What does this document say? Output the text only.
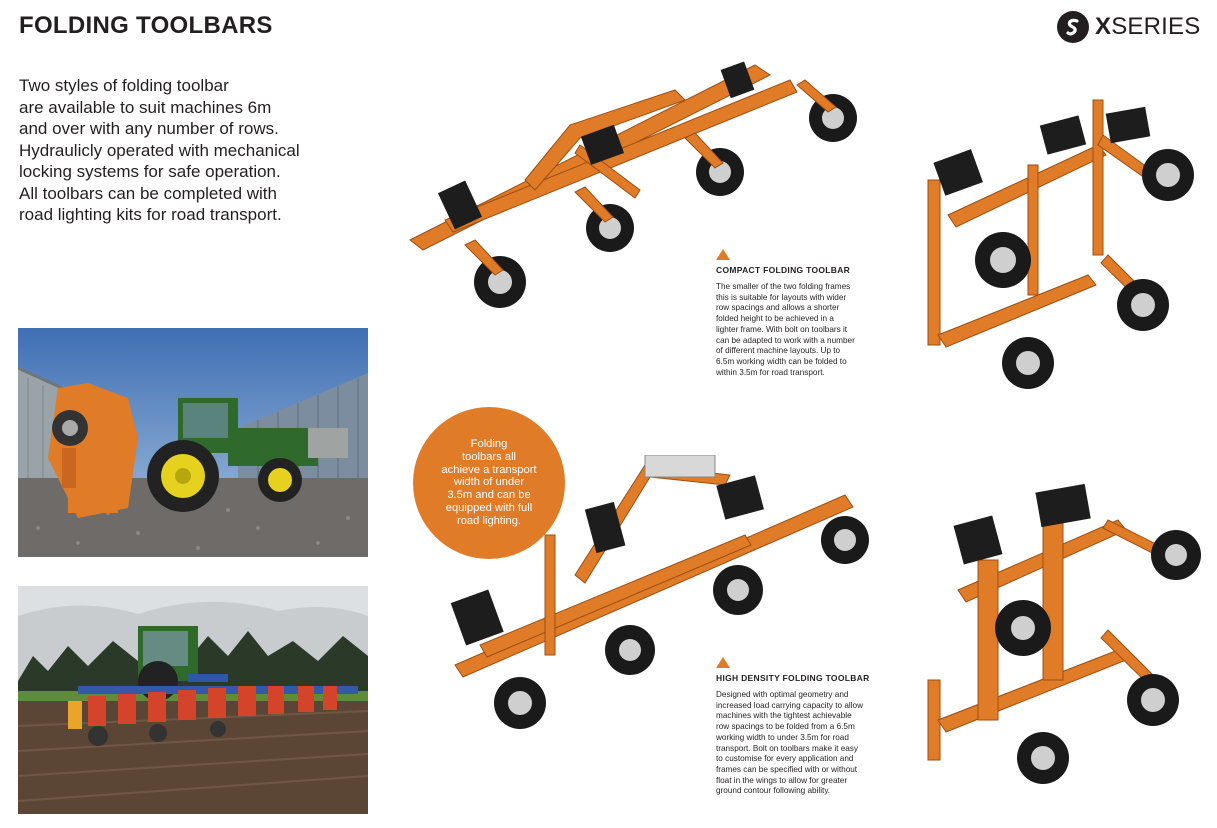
FOLDING TOOLBARS	XSERIES

Two styles of folding toolbar
are available to suit machines 6m
and over with any number of rows.
Hydraulicly operated with mechanical
locking systems for safe operation.
All toolbars can be completed with
road lighting kits for road transport.

COMPACT FOLDING TOOLBAR

The smaller of the two folding frames
this is suitable for layouts with wider
row spacings and allows a shorter
folded height to be achieved in a
lighter frame. With bolt on toolbars it
can be adapted to work with a number
of different machine layouts. Up to
6.5m working width can be folded to
within 3.5m for road transport.

Folding
toolbars all
achieve a transport
width of under
3.5m and can be
equipped with full
road lighting.
HIGH DENSITY FOLDING TOOLBAR

Designed with optimal geometry and
increased load carrying capacity to allow
machines with the tightest achievable
row spacings to be folded from a 6.5m
working width to under 3.5m for road
transport. Bolt on toolbars make it easy
to customise for every application and
frames can be specified with or without
float in the wings to allow for greater
ground contour following ability.
